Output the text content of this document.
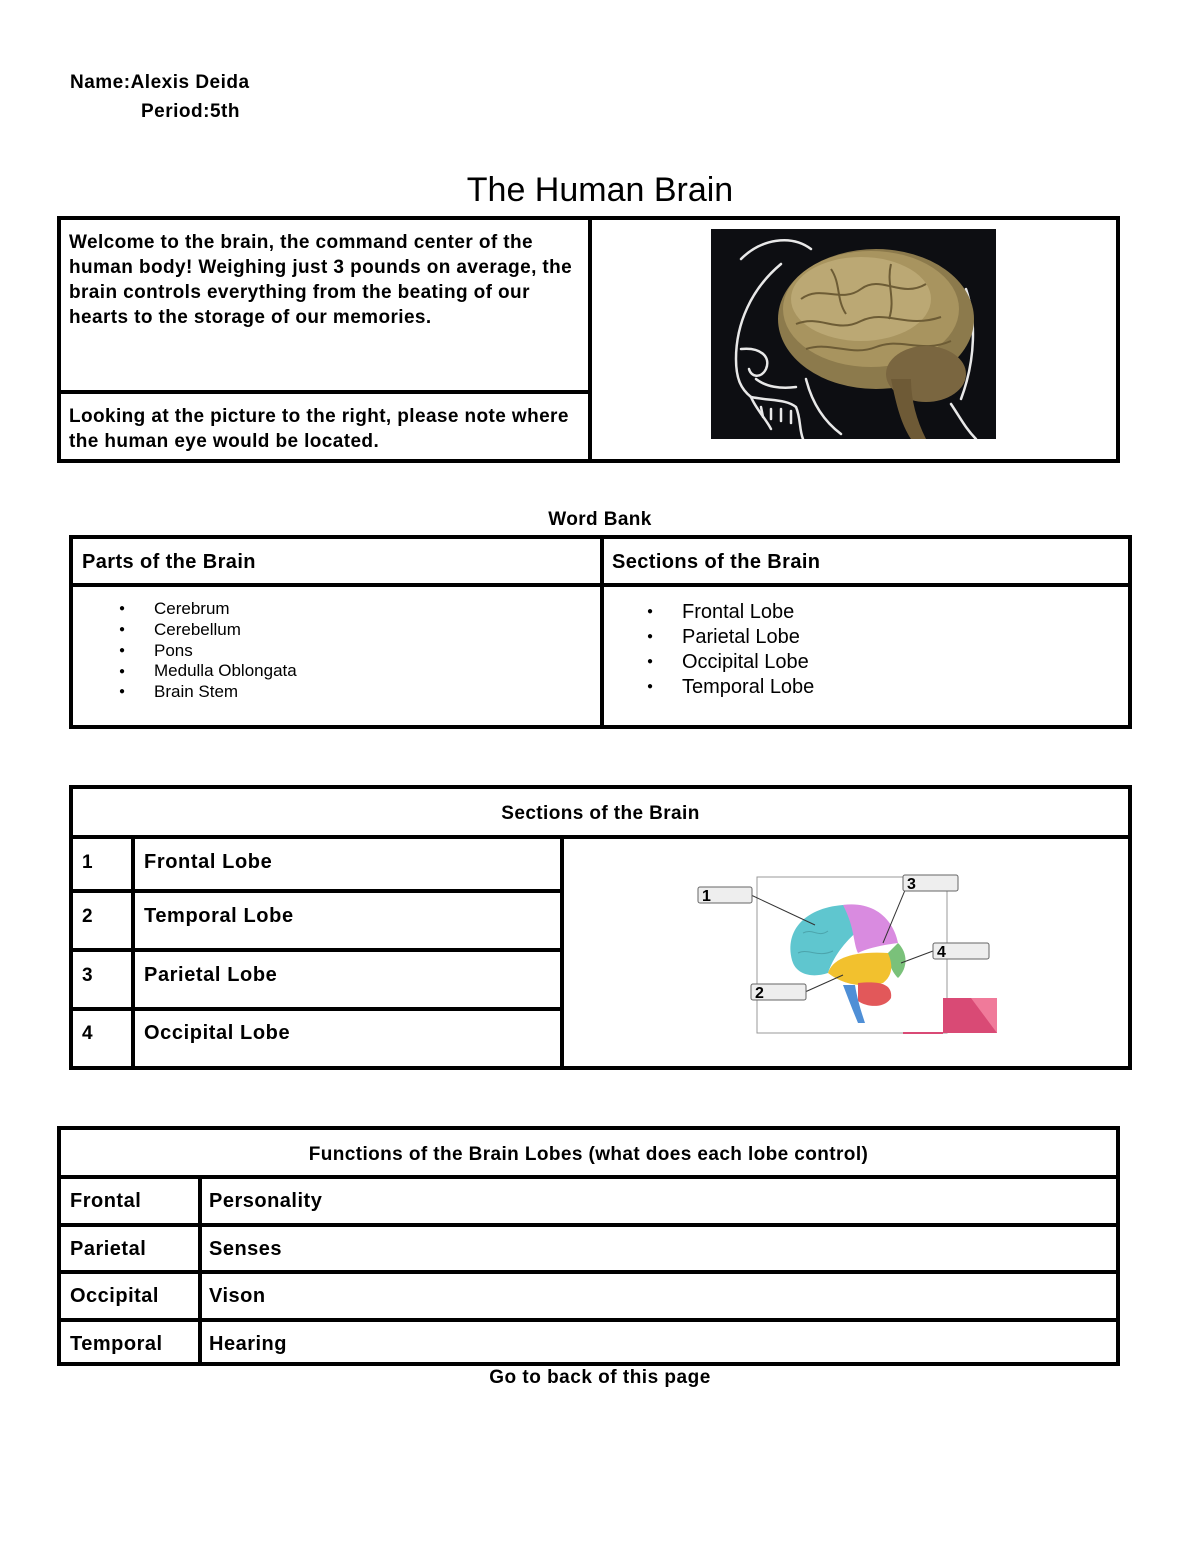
Name:Alexis Deida
Period:5th
The Human Brain
Welcome to the brain, the command center of the human body! Weighing just 3 pounds on average, the brain controls everything from the beating of our hearts to the storage of our memories.
Looking at the picture to the right, please note where the human eye would be located.
Word Bank
Parts of the Brain	Sections of the Brain
● Cerebrum
● Cerebellum
● Pons
● Medulla Oblongata
● Brain Stem
● Frontal Lobe
● Parietal Lobe
● Occipital Lobe
● Temporal Lobe
Sections of the Brain
1	Frontal Lobe
2	Temporal Lobe
3	Parietal Lobe
4	Occipital Lobe
1
3
4
2
Functions of the Brain Lobes (what does each lobe control)
Frontal	Personality
Parietal	Senses
Occipital	Vison
Temporal Hearing
Go to back of this page
